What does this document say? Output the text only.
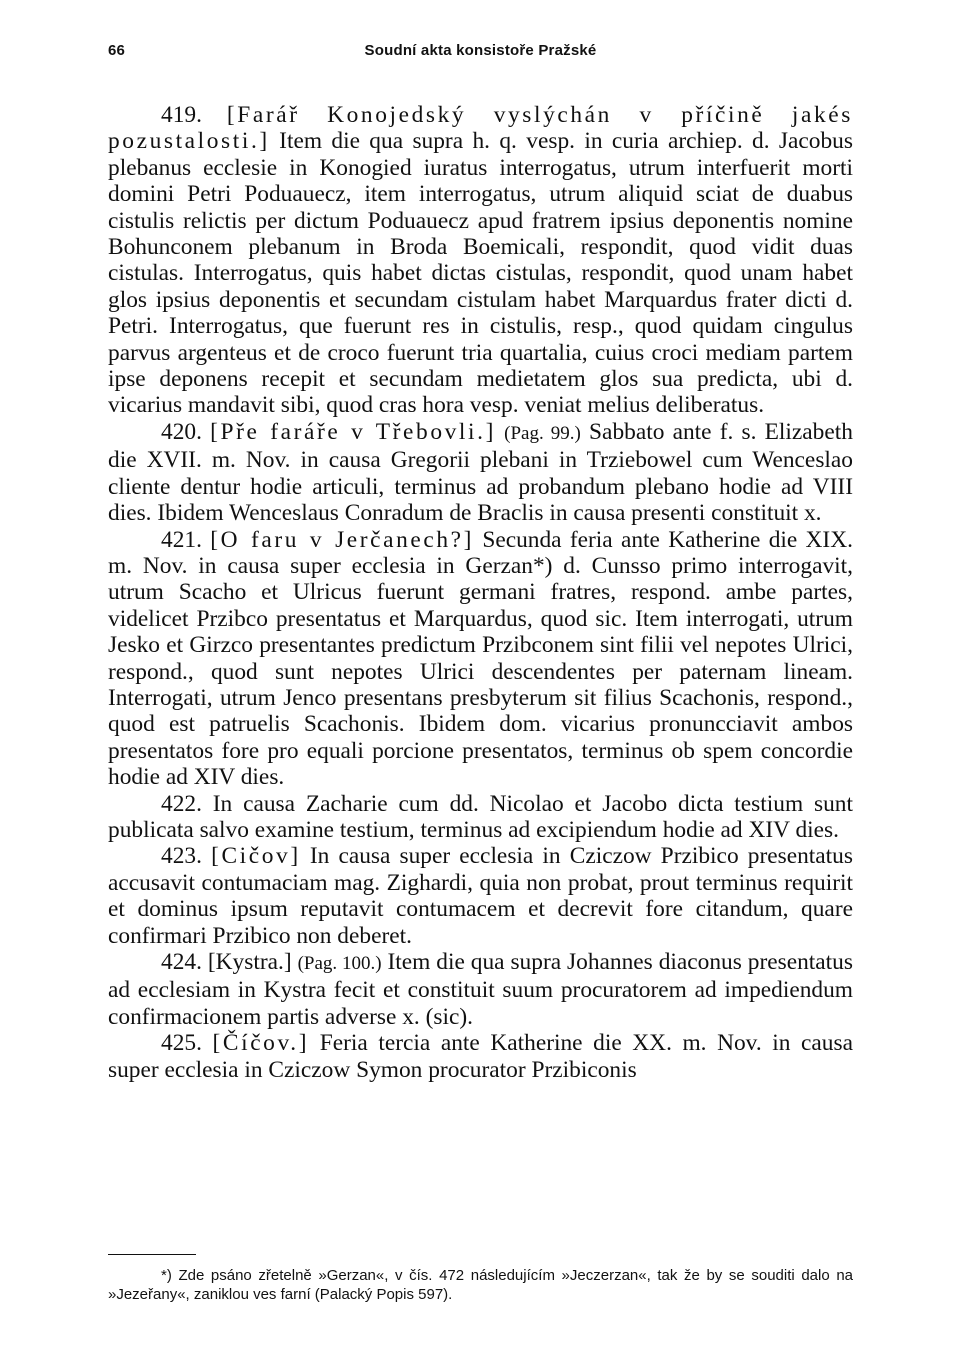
66	Soudní akta konsistoře Pražské

419. [Farář Konojedský vyslýchán v příčině jakés pozustalosti.] Item die qua supra h. q. vesp. in curia archiep. d. Jacobus plebanus ecclesie in Konogied iuratus interrogatus, utrum interfuerit morti domini Petri Poduauecz, item interrogatus, utrum aliquid sciat de duabus cistulis relictis per dictum Poduauecz apud fratrem ipsius deponentis nomine Bohunconem plebanum in Broda Boemicali, respondit, quod vidit duas cistulas. Interrogatus, quis habet dictas cistulas, respondit, quod unam habet glos ipsius deponentis et secundam cistulam habet Marquardus frater dicti d. Petri. Interrogatus, que fuerunt res in cistulis, resp., quod quidam cingulus parvus argenteus et de croco fuerunt tria quartalia, cuius croci mediam partem ipse deponens recepit et secundam medietatem glos sua predicta, ubi d. vicarius mandavit sibi, quod cras hora vesp. veniat melius deliberatus.

420. [Pře faráře v Třebovli.] (Pag. 99.) Sabbato ante f. s. Elizabeth die XVII. m. Nov. in causa Gregorii plebani in Trziebowel cum Wenceslao cliente dentur hodie articuli, terminus ad probandum plebano hodie ad VIII dies. Ibidem Wenceslaus Conradum de Braclis in causa presenti constituit x.

421. [O faru v Jerčanech?] Secunda feria ante Katherine die XIX. m. Nov. in causa super ecclesia in Gerzan*) d. Cunsso primo interrogavit, utrum Scacho et Ulricus fuerunt germani fratres, respond. ambe partes, videlicet Przibco presentatus et Marquardus, quod sic. Item interrogati, utrum Jesko et Girzco presentantes predictum Przibconem sint filii vel nepotes Ulrici, respond., quod sunt nepotes Ulrici descendentes per paternam lineam. Interrogati, utrum Jenco presentans presbyterum sit filius Scachonis, respond., quod est patruelis Scachonis. Ibidem dom. vicarius pronuncciavit ambos presentatos fore pro equali porcione presentatos, terminus ob spem concordie hodie ad XIV dies.

422. In causa Zacharie cum dd. Nicolao et Jacobo dicta testium sunt publicata salvo examine testium, terminus ad excipiendum hodie ad XIV dies.

423. [Cičov] In causa super ecclesia in Cziczow Przibico presentatus accusavit contumaciam mag. Zighardi, quia non probat, prout terminus requirit et dominus ipsum reputavit contumacem et decrevit fore citandum, quare confirmari Przibico non deberet.

424. [Kystra.] (Pag. 100.) Item die qua supra Johannes diaconus presentatus ad ecclesiam in Kystra fecit et constituit suum procuratorem ad impediendum confirmacionem partis adverse x. (sic).

425. [Číčov.] Feria tercia ante Katherine die XX. m. Nov. in causa super ecclesia in Cziczow Symon procurator Przibiconis

*) Zde psáno zřetelně »Gerzan«, v čís. 472 následujícím »Jeczerzan«, tak že by se souditi dalo na »Jezeřany«, zaniklou ves farní (Palacký Popis 597).
